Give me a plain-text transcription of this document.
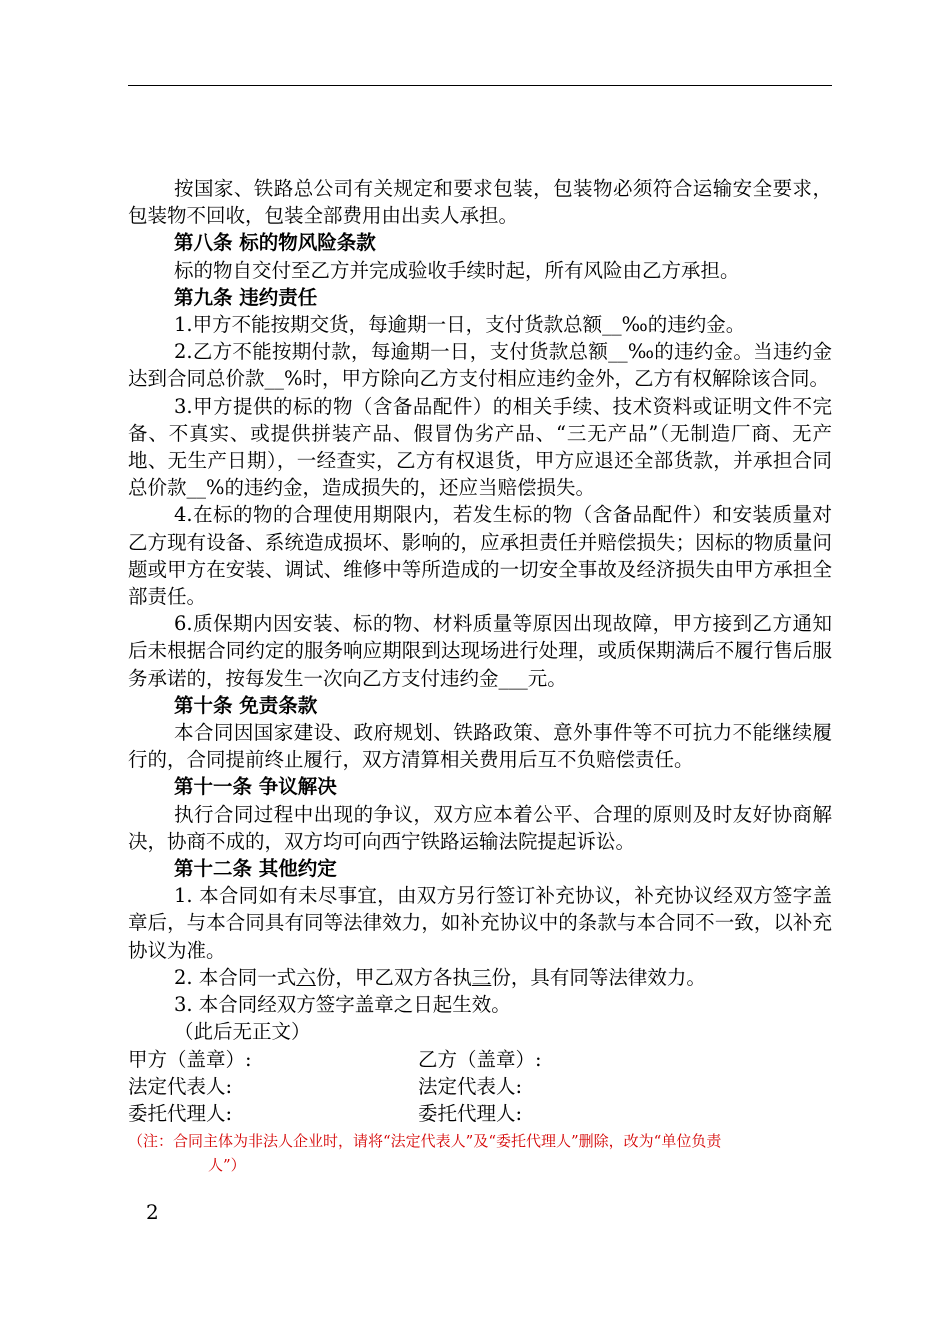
按国家、铁路总公司有关规定和要求包装，包装物必须符合运输安全要求，包装物不回收，包装全部费用由出卖人承担。

第八条 标的物风险条款

标的物自交付至乙方并完成验收手续时起，所有风险由乙方承担。

第九条 违约责任

1.甲方不能按期交货，每逾期一日，支付货款总额__‰的违约金。

2.乙方不能按期付款，每逾期一日，支付货款总额__‰的违约金。当违约金达到合同总价款__%时，甲方除向乙方支付相应违约金外，乙方有权解除该合同。

3.甲方提供的标的物（含备品配件）的相关手续、技术资料或证明文件不完备、不真实、或提供拼装产品、假冒伪劣产品、“三无产品”（无制造厂商、无产地、无生产日期），一经查实，乙方有权退货，甲方应退还全部货款，并承担合同总价款__%的违约金，造成损失的，还应当赔偿损失。

4.在标的物的合理使用期限内，若发生标的物（含备品配件）和安装质量对乙方现有设备、系统造成损坏、影响的，应承担责任并赔偿损失；因标的物质量问题或甲方在安装、调试、维修中等所造成的一切安全事故及经济损失由甲方承担全部责任。

6.质保期内因安装、标的物、材料质量等原因出现故障，甲方接到乙方通知后未根据合同约定的服务响应期限到达现场进行处理，或质保期满后不履行售后服务承诺的，按每发生一次向乙方支付违约金___元。

第十条 免责条款

本合同因国家建设、政府规划、铁路政策、意外事件等不可抗力不能继续履行的，合同提前终止履行，双方清算相关费用后互不负赔偿责任。

第十一条 争议解决

执行合同过程中出现的争议，双方应本着公平、合理的原则及时友好协商解决，协商不成的，双方均可向西宁铁路运输法院提起诉讼。

第十二条 其他约定

1. 本合同如有未尽事宜，由双方另行签订补充协议，补充协议经双方签字盖章后，与本合同具有同等法律效力，如补充协议中的条款与本合同不一致，以补充协议为准。

2. 本合同一式六份，甲乙双方各执三份，具有同等法律效力。

3. 本合同经双方签字盖章之日起生效。

（此后无正文）

甲方（盖章）:	乙方（盖章）:
法定代表人:	法定代表人:
委托代理人:	委托代理人:

（注：合同主体为非法人企业时，请将“法定代表人”及“委托代理人”删除，改为“单位负责
人”）

2
